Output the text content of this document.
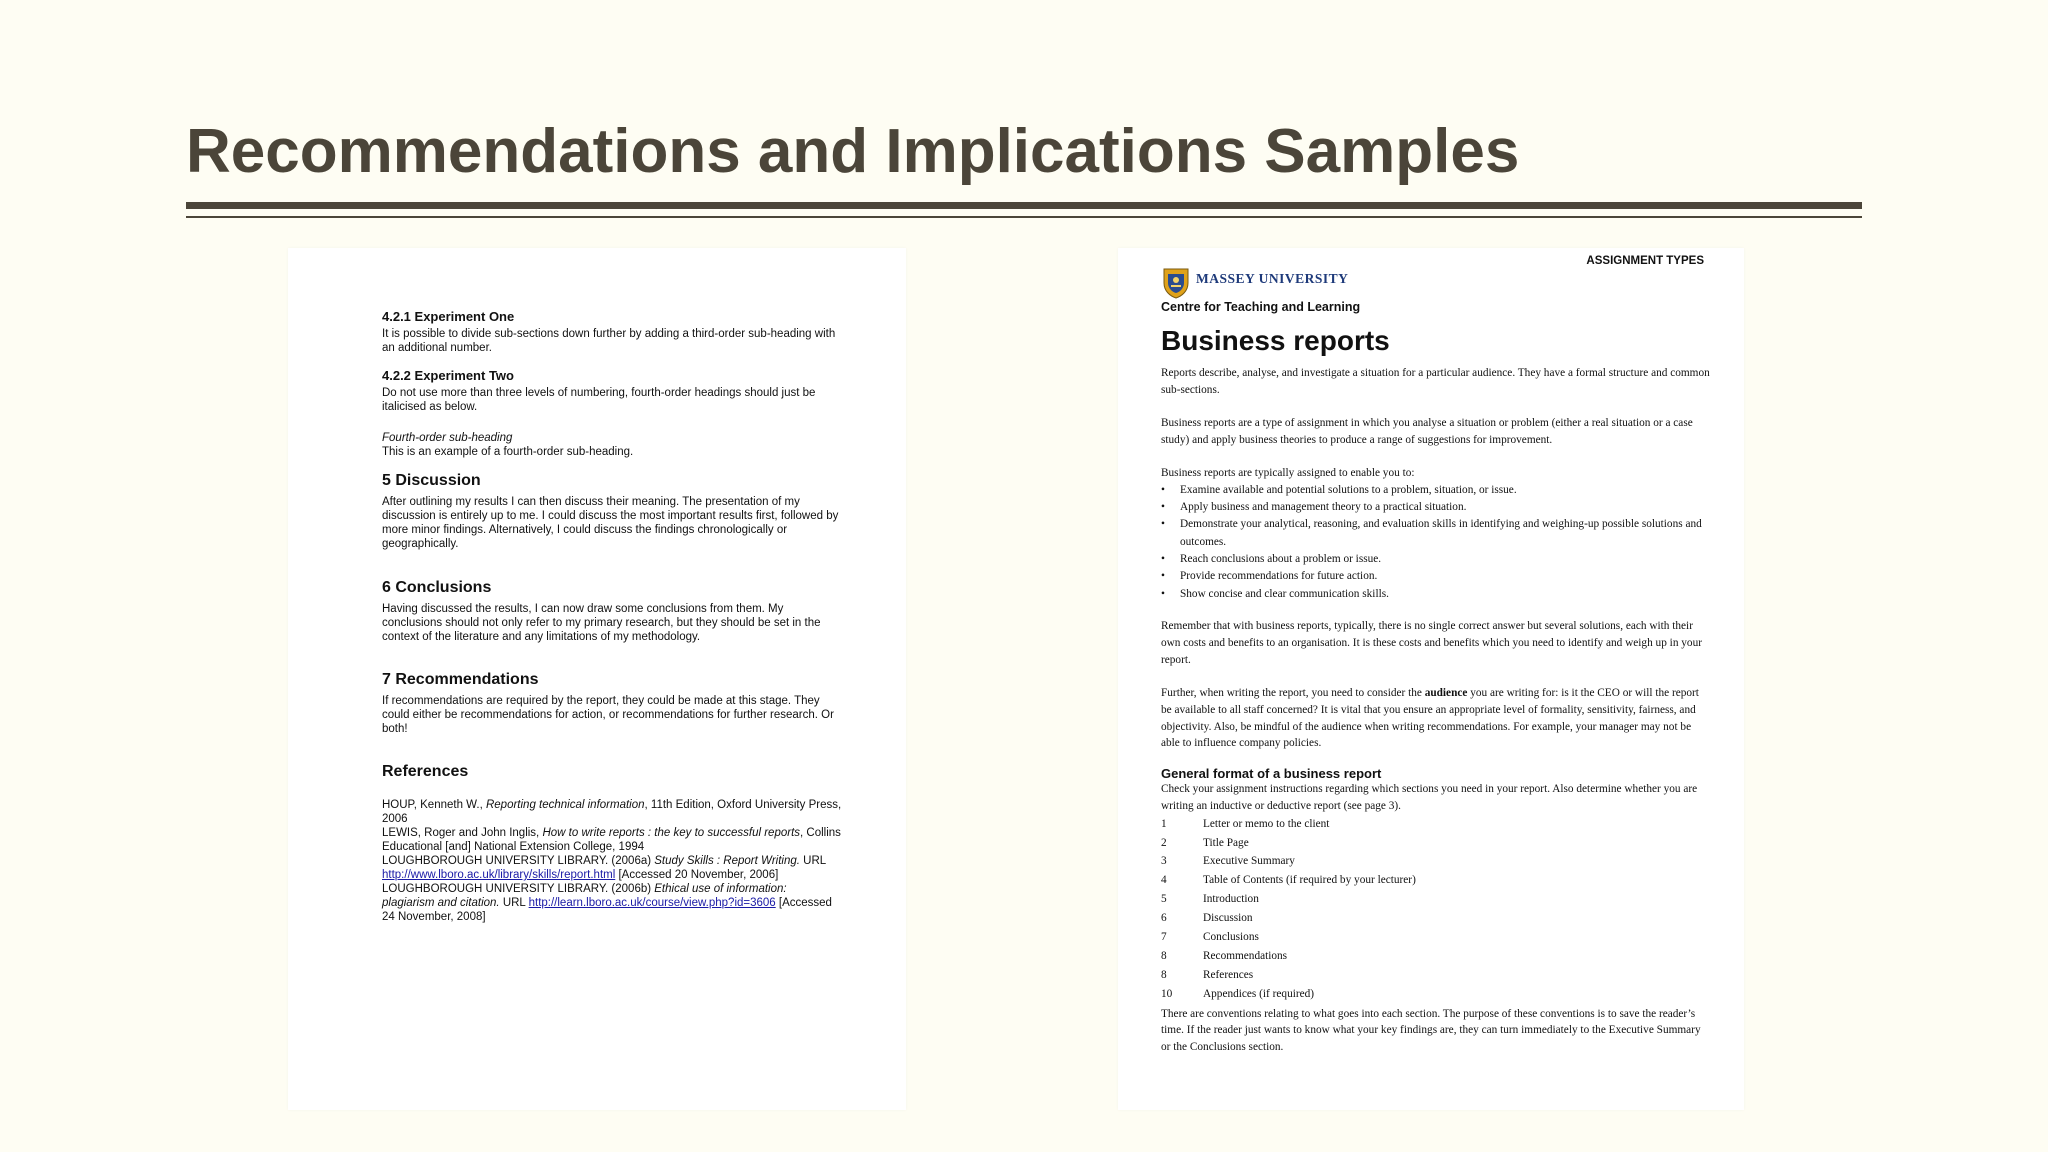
Recommendations and Implications Samples

4.2.1 Experiment One

It is possible to divide sub-sections down further by adding a third-order sub-heading with an additional number.

4.2.2 Experiment Two

Do not use more than three levels of numbering, fourth-order headings should just be italicised as below.

Fourth-order sub-heading

This is an example of a fourth-order sub-heading.

5 Discussion

After outlining my results I can then discuss their meaning. The presentation of my discussion is entirely up to me. I could discuss the most important results first, followed by more minor findings. Alternatively, I could discuss the findings chronologically or geographically.

6 Conclusions

Having discussed the results, I can now draw some conclusions from them. My conclusions should not only refer to my primary research, but they should be set in the context of the literature and any limitations of my methodology.

7 Recommendations

If recommendations are required by the report, they could be made at this stage. They could either be recommendations for action, or recommendations for further research. Or both!

References

HOUP, Kenneth W., Reporting technical information, 11th Edition, Oxford University Press, 2006
LEWIS, Roger and John Inglis, How to write reports : the key to successful reports, Collins Educational [and] National Extension College, 1994
LOUGHBOROUGH UNIVERSITY LIBRARY. (2006a) Study Skills : Report Writing. URL http://www.lboro.ac.uk/library/skills/report.html [Accessed 20 November, 2006]
LOUGHBOROUGH UNIVERSITY LIBRARY. (2006b) Ethical use of information: plagiarism and citation. URL http://learn.lboro.ac.uk/course/view.php?id=3606 [Accessed 24 November, 2008]
ASSIGNMENT TYPES
MASSEY UNIVERSITY
Centre for Teaching and Learning
Business reports

Reports describe, analyse, and investigate a situation for a particular audience. They have a formal structure and common sub-sections.

Business reports are a type of assignment in which you analyse a situation or problem (either a real situation or a case study) and apply business theories to produce a range of suggestions for improvement.

Business reports are typically assigned to enable you to:

• Examine available and potential solutions to a problem, situation, or issue.
• Apply business and management theory to a practical situation.
• Demonstrate your analytical, reasoning, and evaluation skills in identifying and weighing-up possible solutions and outcomes.
• Reach conclusions about a problem or issue.
• Provide recommendations for future action.
• Show concise and clear communication skills.

Remember that with business reports, typically, there is no single correct answer but several solutions, each with their own costs and benefits to an organisation. It is these costs and benefits which you need to identify and weigh up in your report.

Further, when writing the report, you need to consider the audience you are writing for: is it the CEO or will the report be available to all staff concerned? It is vital that you ensure an appropriate level of formality, sensitivity, fairness, and objectivity. Also, be mindful of the audience when writing recommendations. For example, your manager may not be able to influence company policies.

General format of a business report

Check your assignment instructions regarding which sections you need in your report. Also determine whether you are writing an inductive or deductive report (see page 3).

1	Letter or memo to the client
2	Title Page
3	Executive Summary
4	Table of Contents (if required by your lecturer)
5	Introduction
6	Discussion
7	Conclusions
8	Recommendations
8	References
10	Appendices (if required)

There are conventions relating to what goes into each section. The purpose of these conventions is to save the reader’s time. If the reader just wants to know what your key findings are, they can turn immediately to the Executive Summary or the Conclusions section.
